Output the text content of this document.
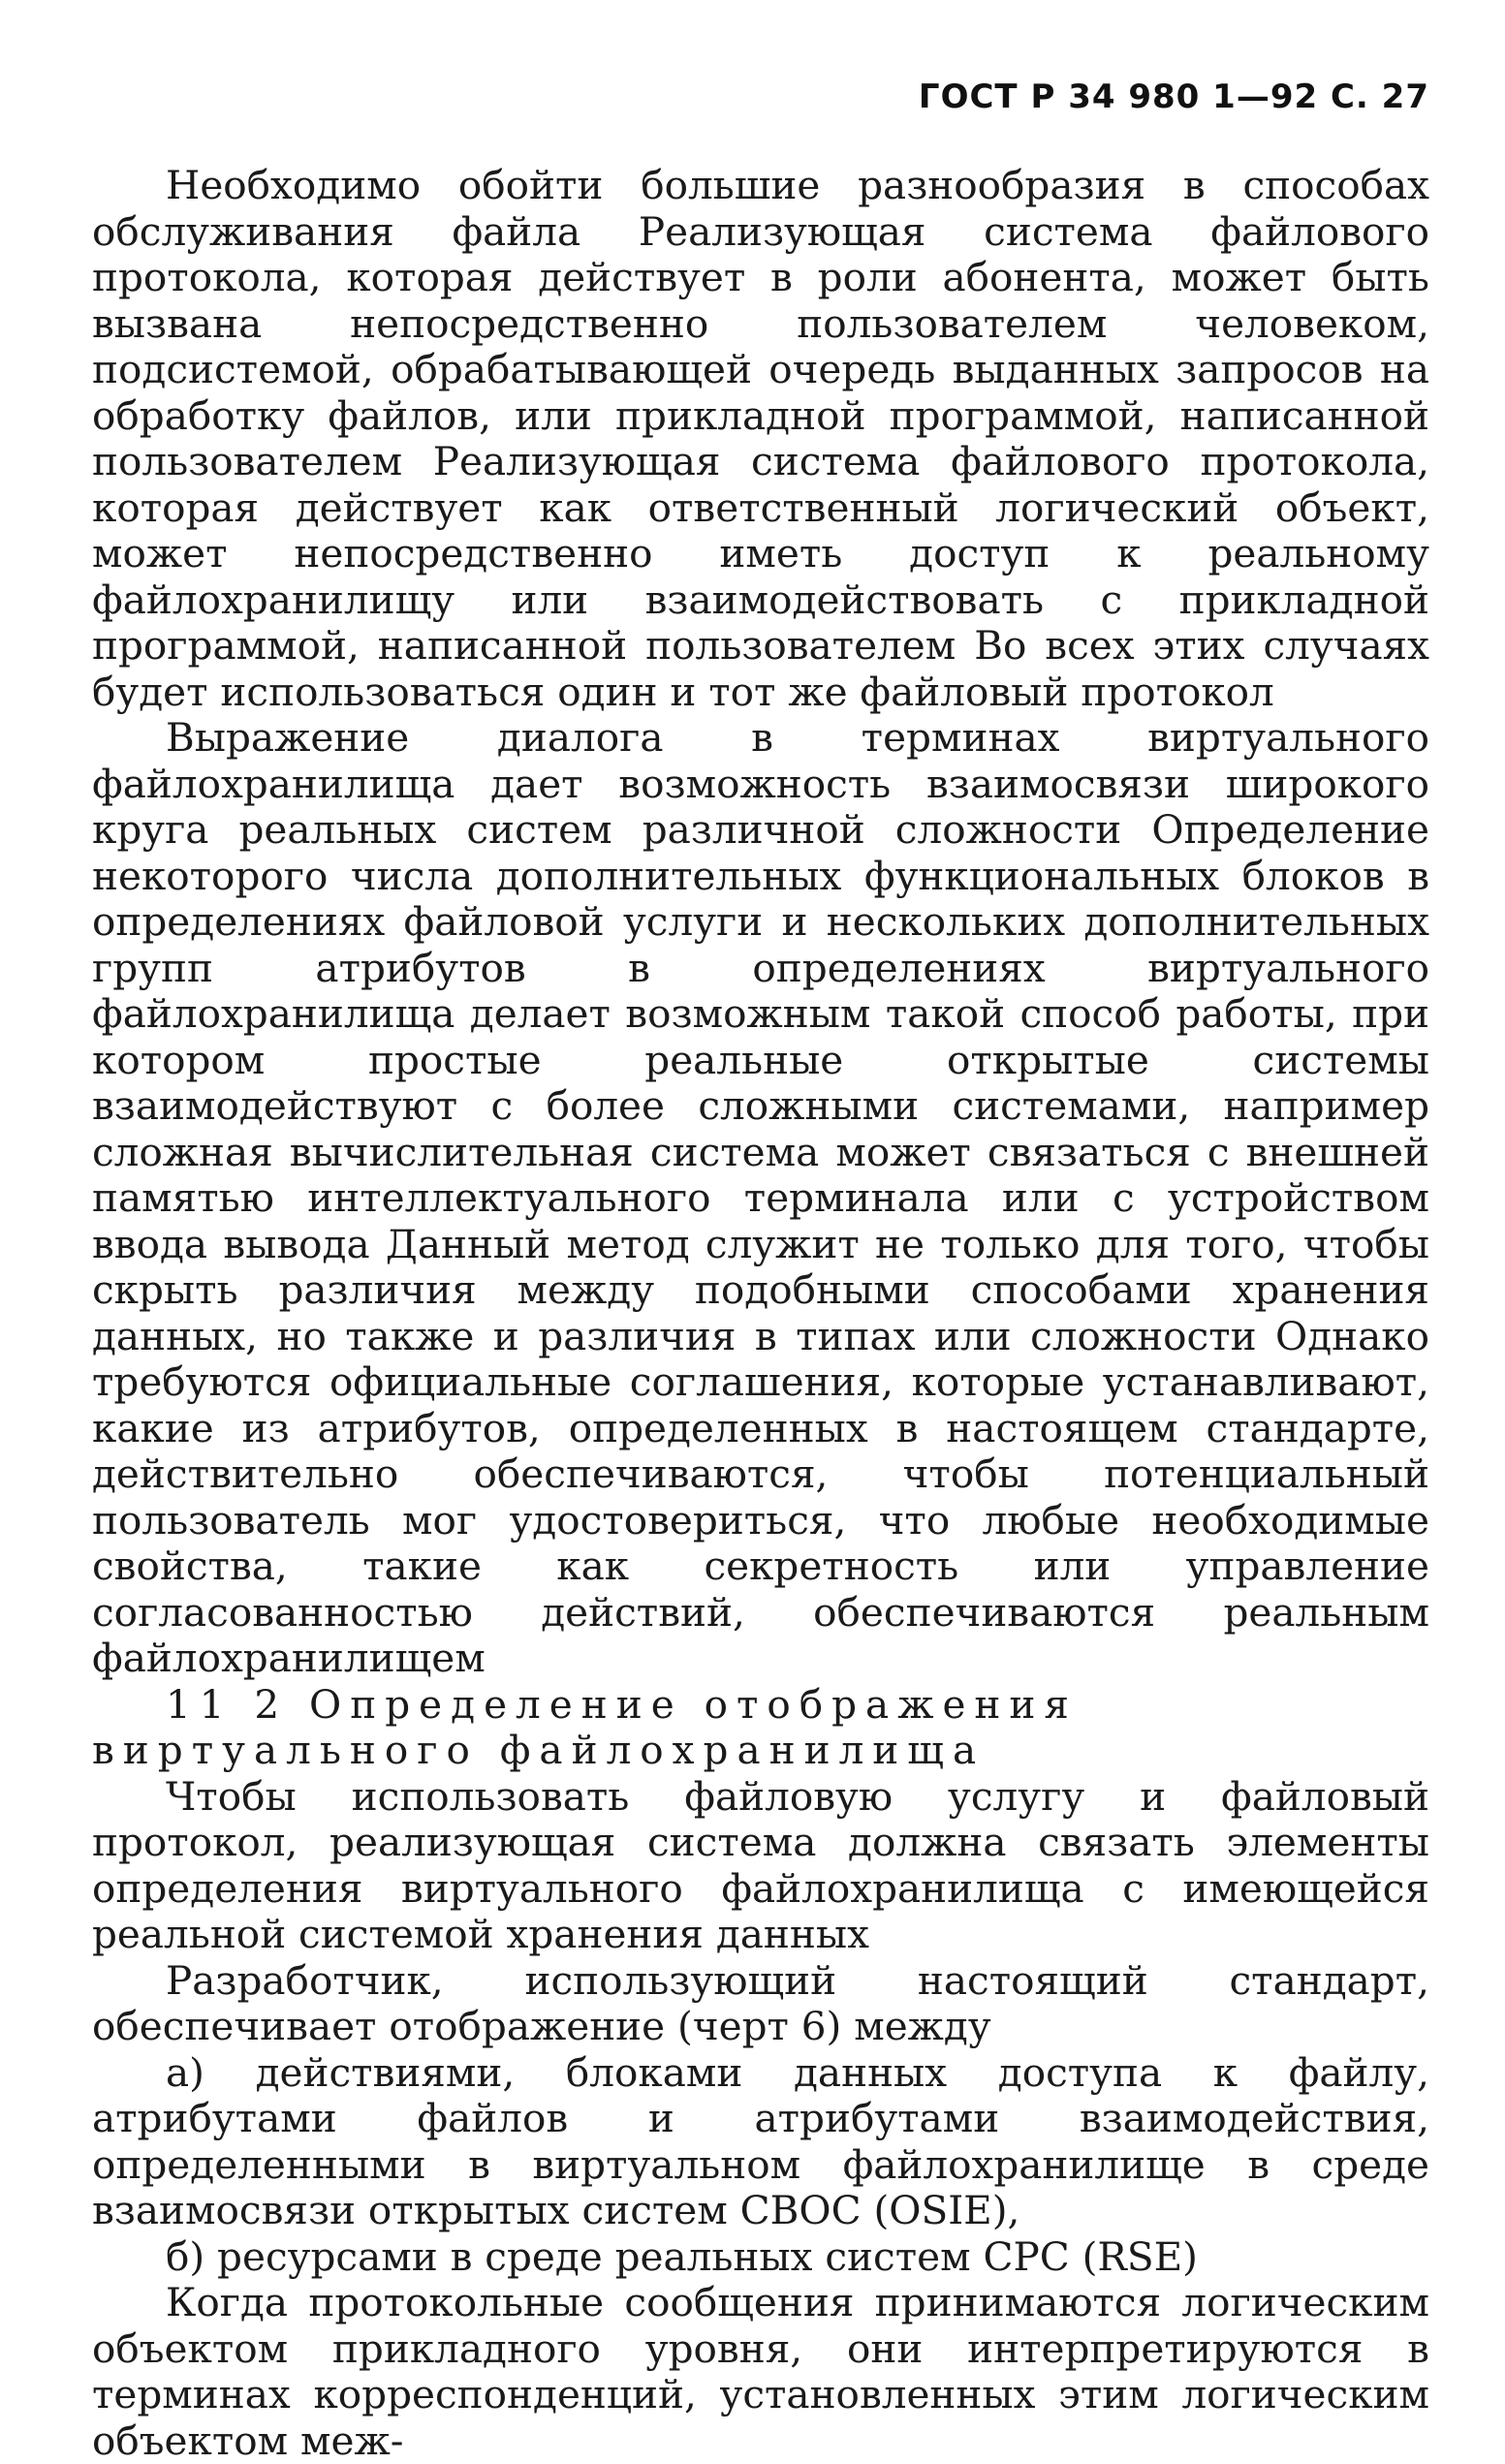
ГОСТ Р 34 980 1—92 С. 27

Необходимо обойти большие разнообразия в способах обслуживания файла Реализующая система файлового протокола, которая действует в роли абонента, может быть вызвана непосредственно пользователем человеком, подсистемой, обрабатывающей очередь выданных запросов на обработку файлов, или прикладной программой, написанной пользователем Реализующая система файлового протокола, которая действует как ответственный логический объект, может непосредственно иметь доступ к реальному файлохранилищу или взаимодействовать с прикладной программой, написанной пользователем Во всех этих случаях будет использоваться один и тот же файловый протокол

Выражение диалога в терминах виртуального файлохранилища дает возможность взаимосвязи широкого круга реальных систем различной сложности Определение некоторого числа дополнительных функциональных блоков в определениях файловой услуги и нескольких дополнительных групп атрибутов в определениях виртуального файлохранилища делает возможным такой способ работы, при котором простые реальные открытые системы взаимодействуют с более сложными системами, например сложная вычислительная система может связаться с внешней памятью интеллектуального терминала или с устройством ввода вывода Данный метод служит не только для того, чтобы скрыть различия между подобными способами хранения данных, но также и различия в типах или сложности Однако требуются официальные соглашения, которые устанавливают, какие из атрибутов, определенных в настоящем стандарте, действительно обеспечиваются, чтобы потенциальный пользователь мог удостовериться, что любые необходимые свойства, такие как секретность или управление согласованностью действий, обеспечиваются реальным файлохранилищем

11 2 Определение отображения виртуального файлохранилища

Чтобы использовать файловую услугу и файловый протокол, реализующая система должна связать элементы определения виртуального файлохранилища с имеющейся реальной системой хранения данных

Разработчик, использующий настоящий стандарт, обеспечивает отображение (черт 6) между

а) действиями, блоками данных доступа к файлу, атрибутами файлов и атрибутами взаимодействия, определенными в виртуальном файлохранилище в среде взаимосвязи открытых систем СВОС (OSIE),

б) ресурсами в среде реальных систем СРС (RSE)

Когда протокольные сообщения принимаются логическим объектом прикладного уровня, они интерпретируются в терминах корреспонденций, установленных этим логическим объектом меж-
